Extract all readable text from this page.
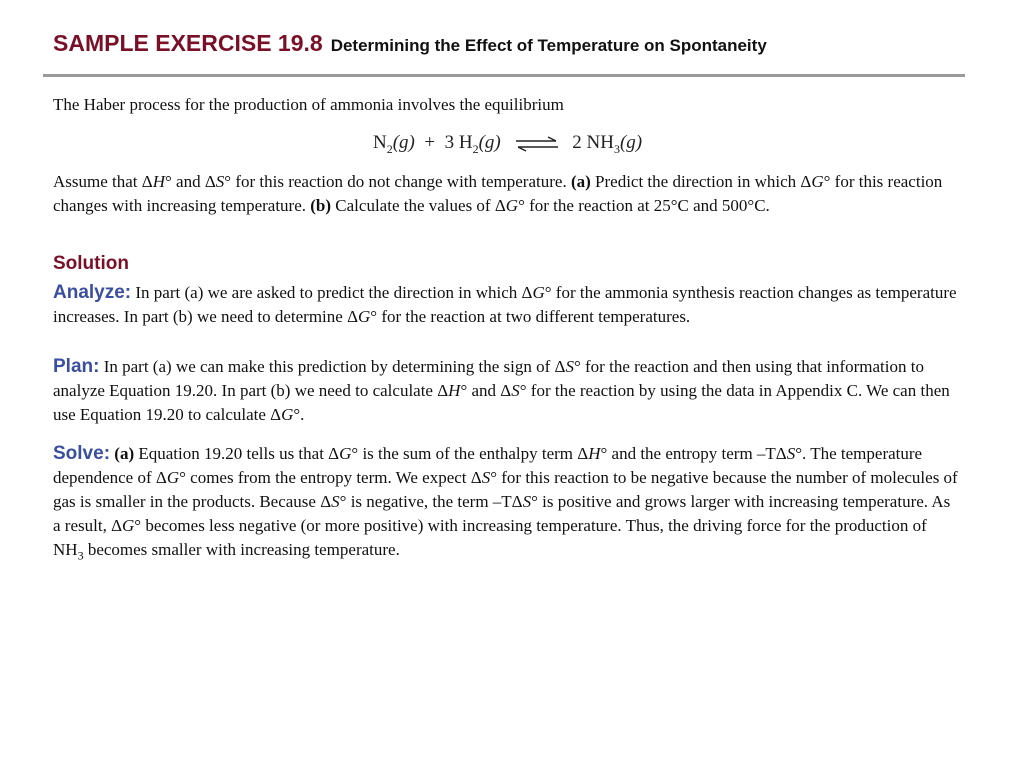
SAMPLE EXERCISE 19.8 Determining the Effect of Temperature on Spontaneity

The Haber process for the production of ammonia involves the equilibrium

$N_2(g) + 3$ $H_2(g)$ ⇌ 2 $NH_3(g)$

Assume that ΔH° and ΔS° for this reaction do not change with temperature. (a) Predict the direction in which ΔG° for this reaction changes with increasing temperature. (b) Calculate the values of ΔG° for the reaction at 25°C and 500°C.

Solution

Analyze: In part (a) we are asked to predict the direction in which ΔG° for the ammonia synthesis reaction changes as temperature increases. In part (b) we need to determine ΔG° for the reaction at two different temperatures.

Plan: In part (a) we can make this prediction by determining the sign of ΔS° for the reaction and then using that information to analyze Equation 19.20. In part (b) we need to calculate ΔH° and ΔS° for the reaction by using the data in Appendix C. We can then use Equation 19.20 to calculate ΔG°.

Solve: (a) Equation 19.20 tells us that ΔG° is the sum of the enthalpy term ΔH° and the entropy term –TΔS°. The temperature dependence of ΔG° comes from the entropy term. We expect ΔS° for this reaction to be negative because the number of molecules of gas is smaller in the products. Because ΔS° is negative, the term –TΔS° is positive and grows larger with increasing temperature. As a result, ΔG° becomes less negative (or more positive) with increasing temperature. Thus, the driving force for the production of $NH_3$ becomes smaller with increasing temperature.
